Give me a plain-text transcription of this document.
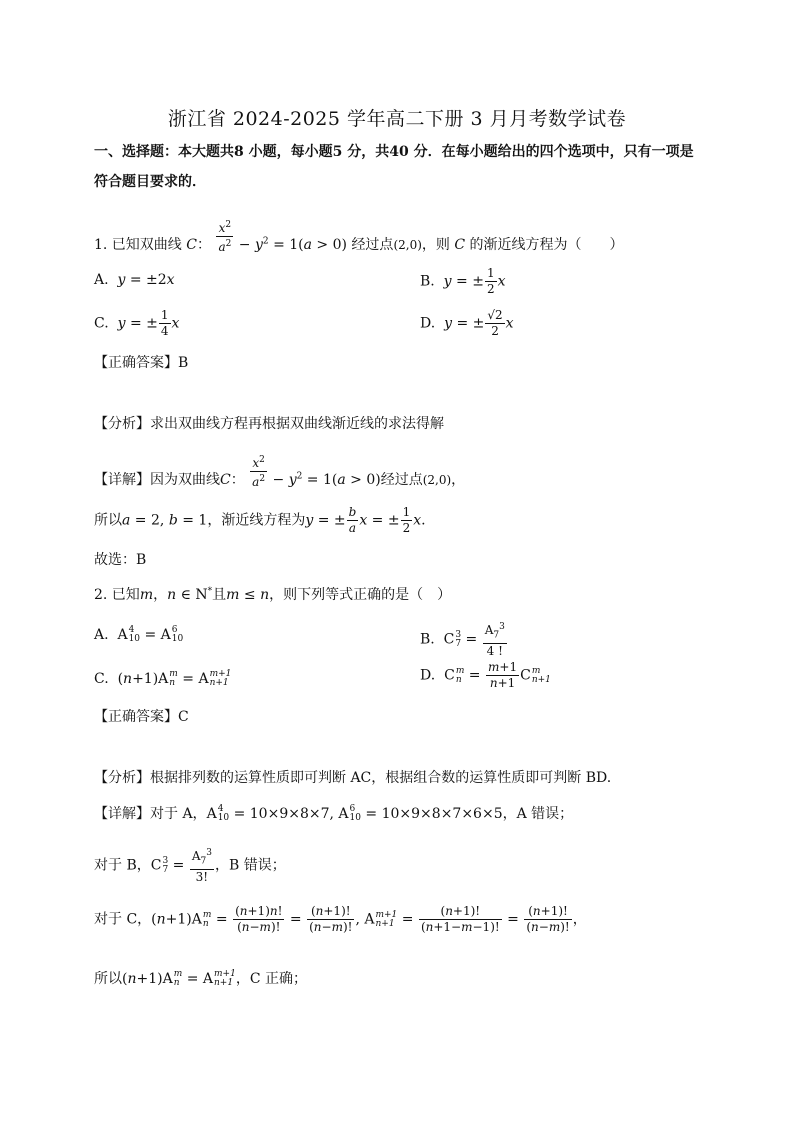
浙江省 2024-2025 学年高二下册 3 月月考数学试卷
一、选择题：本大题共8 小题，每小题5 分，共40 分．在每小题给出的四个选项中，只有一项是符合题目要求的．
1. 已知双曲线 C： $\frac{x^2}{a^2} - y^2 = 1(a > 0)$ 经过点(2,0)，则 C 的渐近线方程为（　　）
A. y = ±2x	B. y = ± $\frac{1}{2}$ x
C. y = ± $\frac{1}{4}$ x	D. y = ± $\frac{√2}{2}$ x
【正确答案】B
【分析】求出双曲线方程再根据双曲线渐近线的求法得解
【详解】因为双曲线C： $\frac{x^2}{a^2} - y^2 = 1(a > 0)$经过点(2,0)，
所以a = 2, b = 1，渐近线方程为y = ± $\frac{b}{a}$ x = ± $\frac{1}{2} x$.
故选：B
2. 已知m，n ∈ N*且m ≤ n，则下列等式正确的是（　）
A.  A 4
10 = A 6
10	B.  C 3
$7 = \frac{A_7^3}{4 !}$
C.  (n+1)A m
n = A m+1
n+1	D.  C m
$n = \frac{m+1}{n+1}$ C m
n+1
【正确答案】C
【分析】根据排列数的运算性质即可判断 AC，根据组合数的运算性质即可判断 BD.
【详解】对于 A，A 4
10 = 10×9×8×7, A 6
10 = 10×9×8×7×6×5，A 错误；
对于 B，C 3
$7 = \frac{A_7^3}{3!}$ ，B 错误；
对于 C，(n+1)A m
$n = \frac{(n+1)n!}{(n-m)!} = \frac{(n+1)!}{(n-m)!}$ , A m+1
$n+1 = \frac{(n+1)!}{(n+1-m-1)!} = \frac{(n+1)!}{(n-m)!}$ ，
所以(n+1)A m
n = A m+1
n+1 ，C 正确；
